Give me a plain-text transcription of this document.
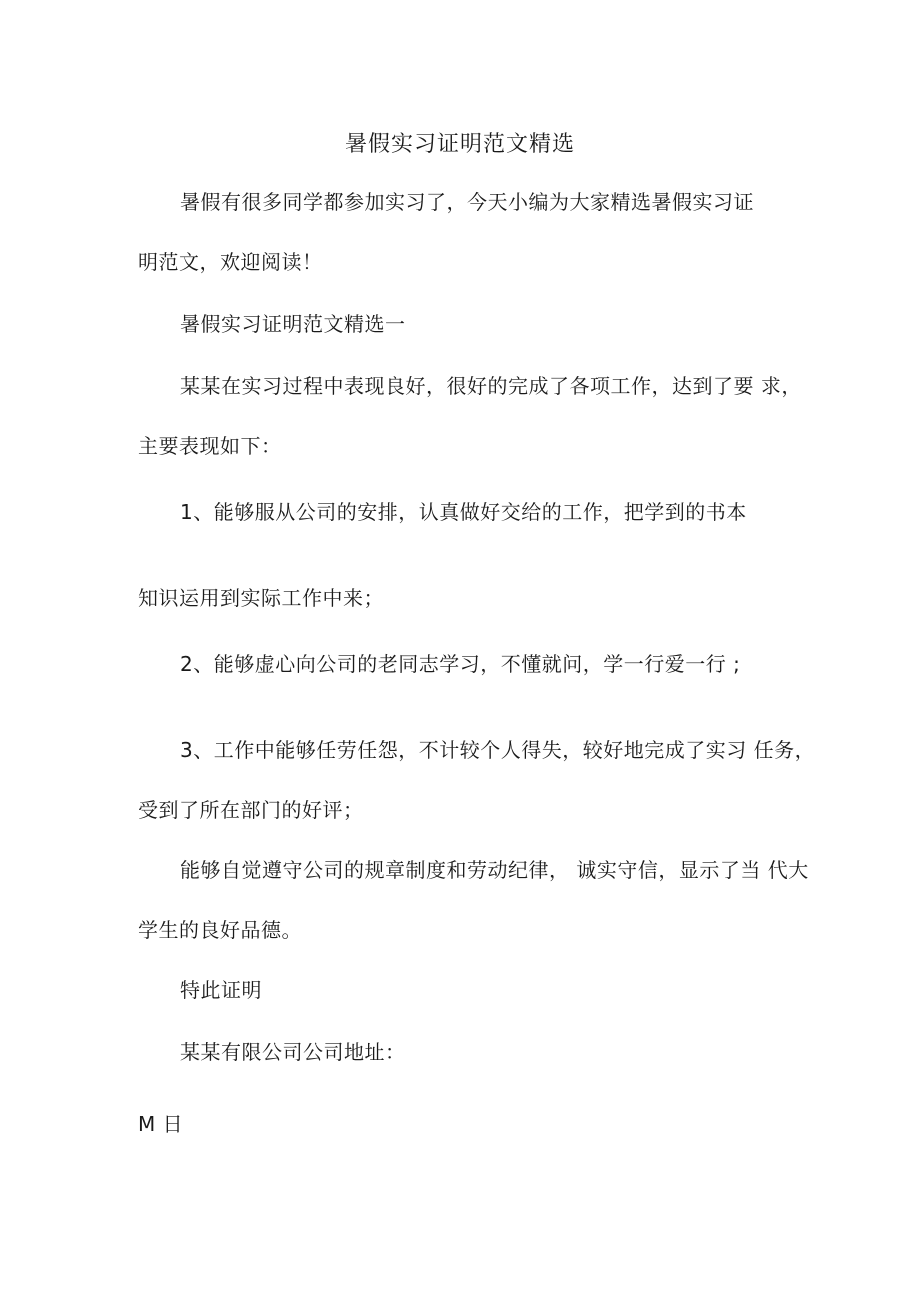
暑假实习证明范文精选
暑假有很多同学都参加实习了，今天小编为大家精选暑假实习证
明范文，欢迎阅读！
暑假实习证明范文精选一
某某在实习过程中表现良好，很好的完成了各项工作，达到了要 求，
主要表现如下：
1、能够服从公司的安排，认真做好交给的工作，把学到的书本
知识运用到实际工作中来；
2、能够虚心向公司的老同志学习，不懂就问，学一行爱一行 ;
3、工作中能够任劳任怨，不计较个人得失，较好地完成了实习 任务，
受到了所在部门的好评；
能够自觉遵守公司的规章制度和劳动纪律， 诚实守信，显示了当 代大
学生的良好品德。
特此证明
某某有限公司公司地址：
M 日
